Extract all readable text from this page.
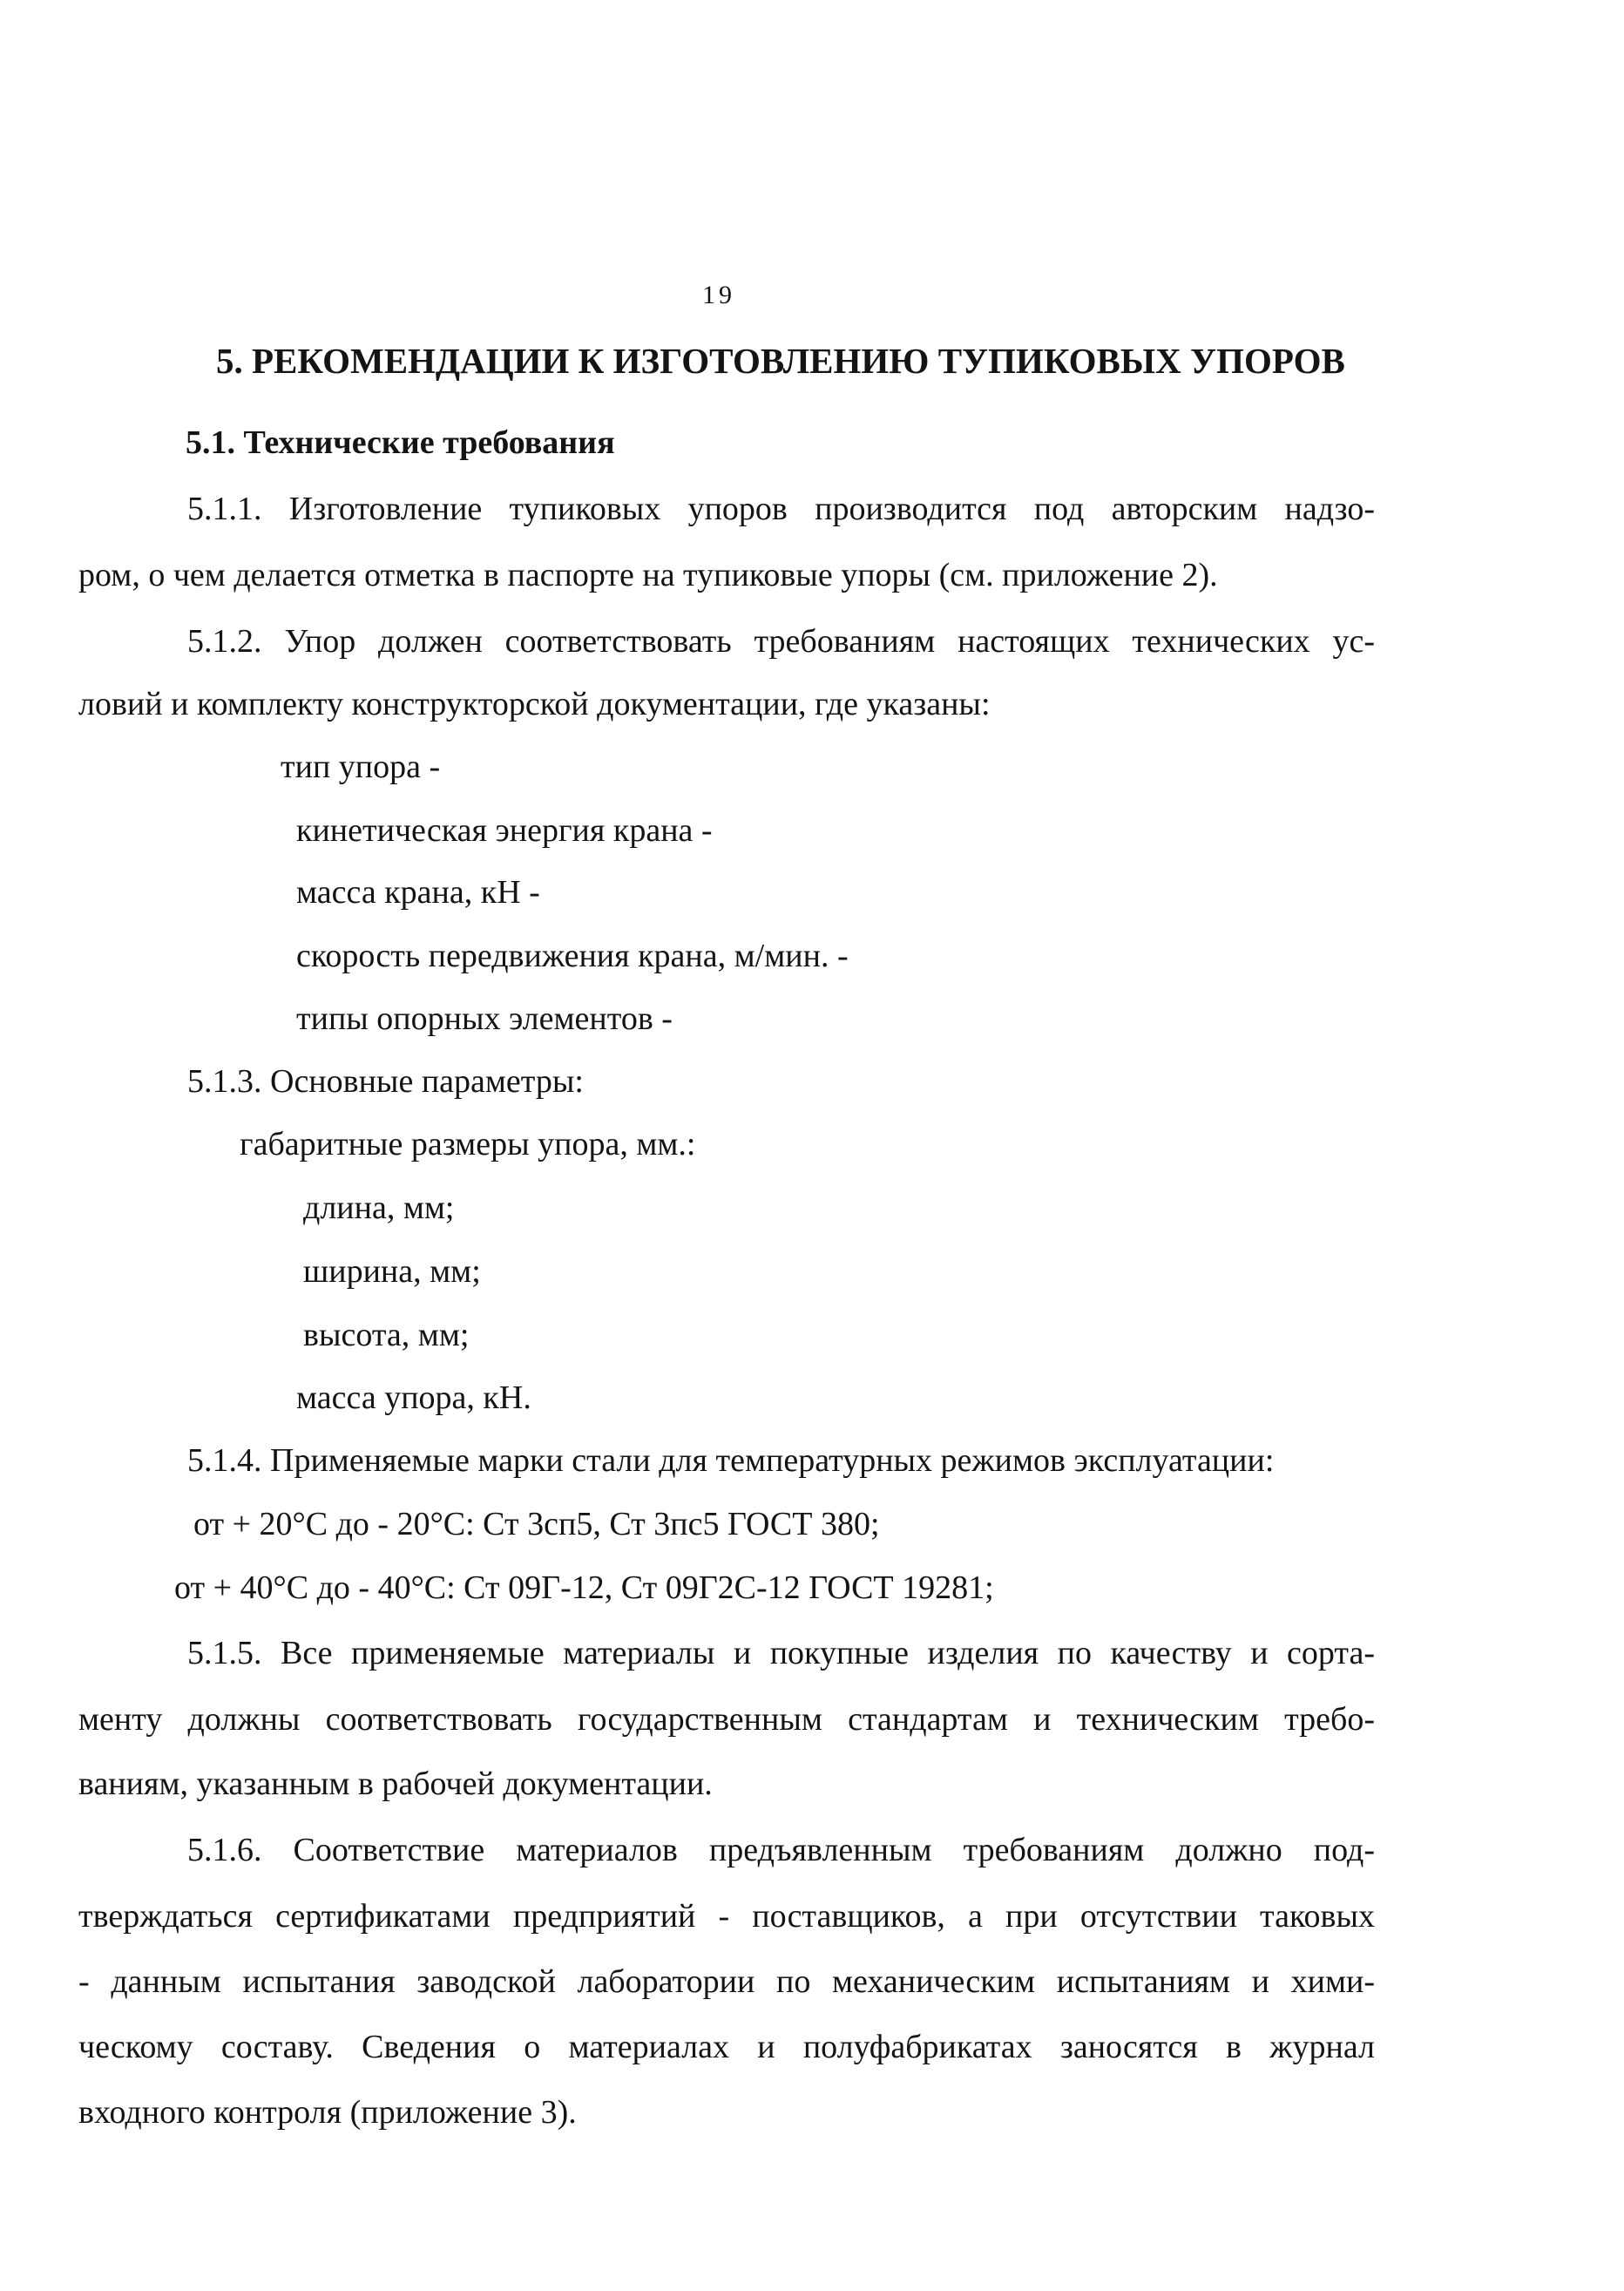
19
5. РЕКОМЕНДАЦИИ К ИЗГОТОВЛЕНИЮ ТУПИКОВЫХ УПОРОВ
5.1. Технические требования
5.1.1. Изготовление тупиковых упоров производится под авторским надзо-
ром, о чем делается отметка в паспорте на тупиковые упоры (см. приложение 2).
5.1.2. Упор должен соответствовать требованиям настоящих технических ус-
ловий и комплекту конструкторской документации, где указаны:
тип упора -
кинетическая энергия крана -
масса крана, кН -
скорость передвижения крана, м/мин. -
типы опорных элементов -
5.1.3. Основные параметры:
габаритные размеры упора, мм.:
длина, мм;
ширина, мм;
высота, мм;
масса упора, кН.
5.1.4. Применяемые марки стали для температурных режимов эксплуатации:
от + 20°С до - 20°С: Ст 3сп5, Ст 3пс5 ГОСТ 380;
от + 40°С до - 40°С: Ст 09Г-12, Ст 09Г2С-12 ГОСТ 19281;
5.1.5. Все применяемые материалы и покупные изделия по качеству и сорта-
менту должны соответствовать государственным стандартам и техническим требо-
ваниям, указанным в рабочей документации.
5.1.6. Соответствие материалов предъявленным требованиям должно под-
тверждаться сертификатами предприятий - поставщиков, а при отсутствии таковых
- данным испытания заводской лаборатории по механическим испытаниям и хими-
ческому составу. Сведения о материалах и полуфабрикатах заносятся в журнал
входного контроля (приложение 3).
